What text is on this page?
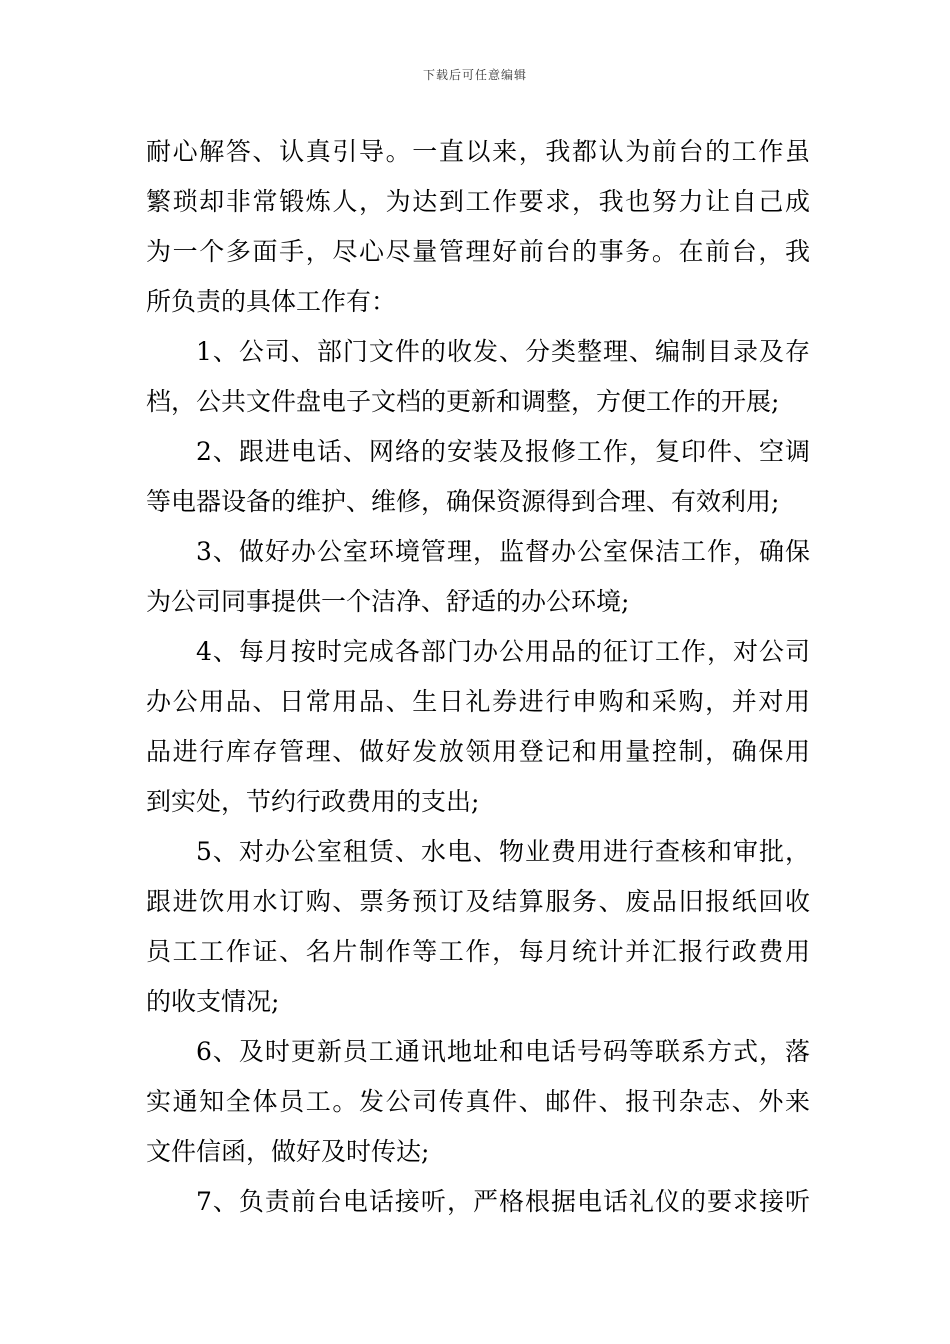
下载后可任意编辑
耐心解答、认真引导。一直以来，我都认为前台的工作虽
繁琐却非常锻炼人，为达到工作要求，我也努力让自己成
为一个多面手，尽心尽量管理好前台的事务。在前台，我
所负责的具体工作有：
1、公司、部门文件的收发、分类整理、编制目录及存
档，公共文件盘电子文档的更新和调整，方便工作的开展;
2、跟进电话、网络的安装及报修工作，复印件、空调
等电器设备的维护、维修，确保资源得到合理、有效利用;
3、做好办公室环境管理，监督办公室保洁工作，确保
为公司同事提供一个洁净、舒适的办公环境;
4、每月按时完成各部门办公用品的征订工作，对公司
办公用品、日常用品、生日礼券进行申购和采购，并对用
品进行库存管理、做好发放领用登记和用量控制，确保用
到实处，节约行政费用的支出;
5、对办公室租赁、水电、物业费用进行查核和审批，
跟进饮用水订购、票务预订及结算服务、废品旧报纸回收
员工工作证、名片制作等工作，每月统计并汇报行政费用
的收支情况;
6、及时更新员工通讯地址和电话号码等联系方式，落
实通知全体员工。发公司传真件、邮件、报刊杂志、外来
文件信函，做好及时传达;
7、负责前台电话接听，严格根据电话礼仪的要求接听
